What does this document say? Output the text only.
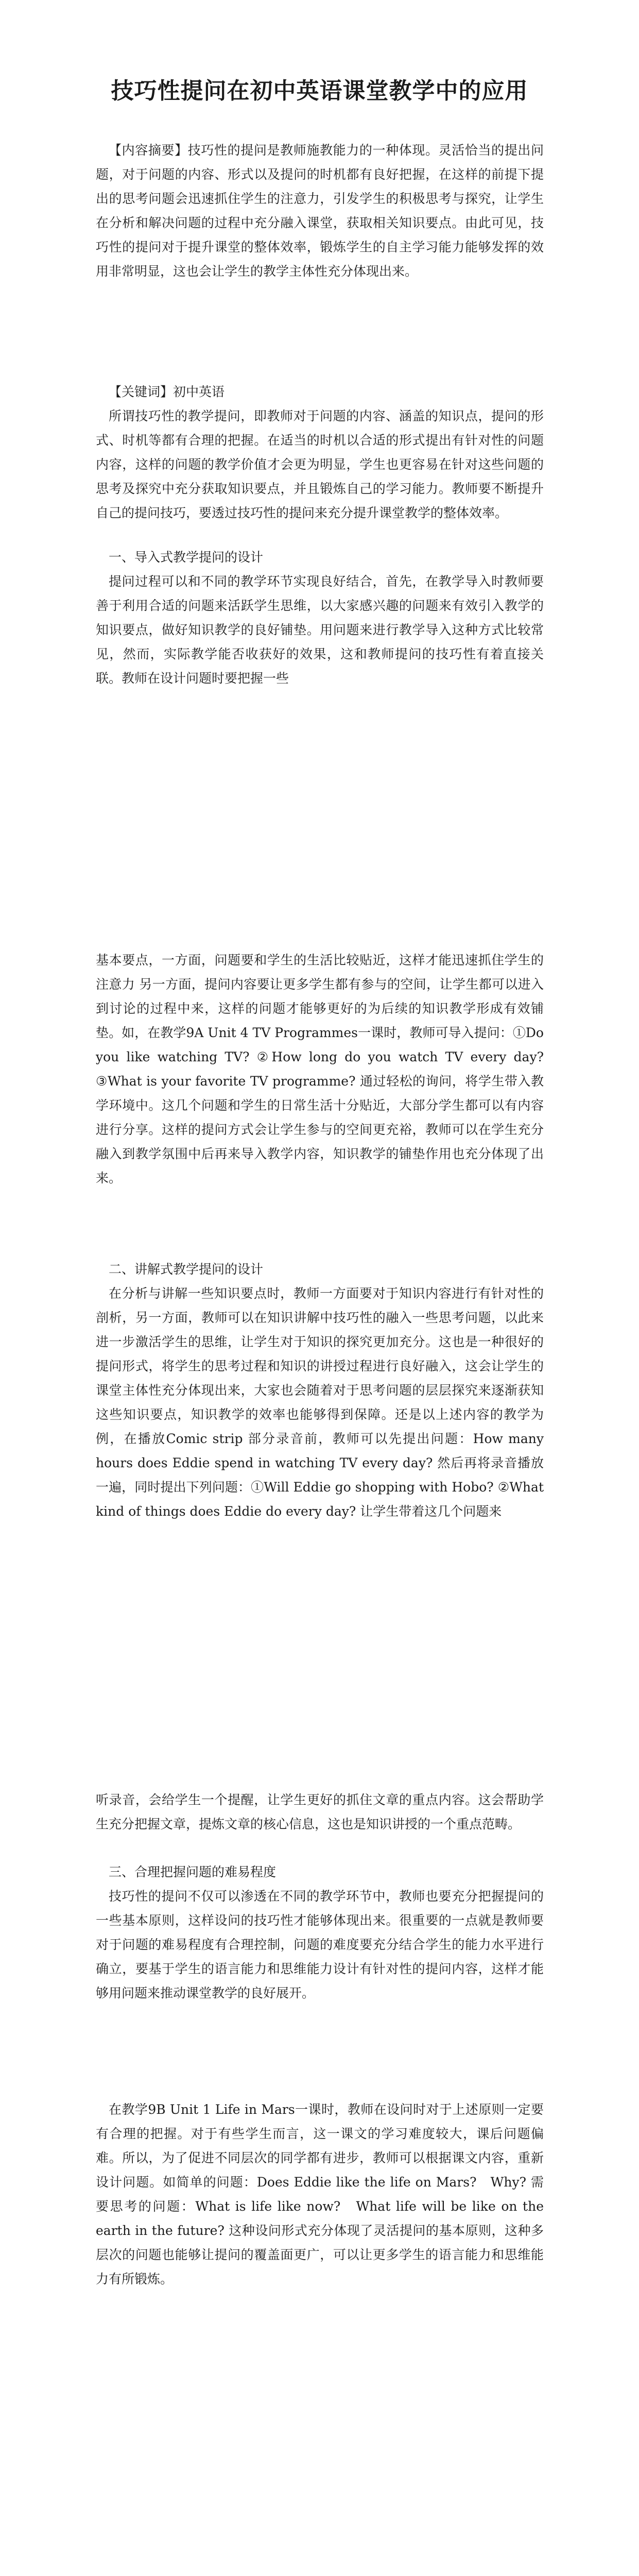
技巧性提问在初中英语课堂教学中的应用

【内容摘要】技巧性的提问是教师施教能力的一种体现。灵活恰当的提出问题，对于问题的内容、形式以及提问的时机都有良好把握，在这样的前提下提出的思考问题会迅速抓住学生的注意力，引发学生的积极思考与探究，让学生在分析和解决问题的过程中充分融入课堂，获取相关知识要点。由此可见，技巧性的提问对于提升课堂的整体效率，锻炼学生的自主学习能力能够发挥的效用非常明显，这也会让学生的教学主体性充分体现出来。

【关键词】初中英语

所谓技巧性的教学提问，即教师对于问题的内容、涵盖的知识点，提问的形式、时机等都有合理的把握。在适当的时机以合适的形式提出有针对性的问题内容，这样的问题的教学价值才会更为明显，学生也更容易在针对这些问题的思考及探究中充分获取知识要点，并且锻炼自己的学习能力。教师要不断提升自己的提问技巧，要透过技巧性的提问来充分提升课堂教学的整体效率。

一、导入式教学提问的设计

提问过程可以和不同的教学环节实现良好结合，首先，在教学导入时教师要善于利用合适的问题来活跃学生思维，以大家感兴趣的问题来有效引入教学的知识要点，做好知识教学的良好铺垫。用问题来进行教学导入这种方式比较常见，然而，实际教学能否收获好的效果，这和教师提问的技巧性有着直接关联。教师在设计问题时要把握一些

基本要点，一方面，问题要和学生的生活比较贴近，这样才能迅速抓住学生的注意力 另一方面，提问内容要让更多学生都有参与的空间，让学生都可以进入到讨论的过程中来，这样的问题才能够更好的为后续的知识教学形成有效铺垫。如，在教学9A Unit 4 TV Programmes一课时，教师可导入提问：①Do you like watching TV? ②How long do you watch TV every day? ③What is your favorite TV programme? 通过轻松的询问，将学生带入教学环境中。这几个问题和学生的日常生活十分贴近，大部分学生都可以有内容进行分享。这样的提问方式会让学生参与的空间更充裕，教师可以在学生充分融入到教学氛围中后再来导入教学内容，知识教学的铺垫作用也充分体现了出来。

二、讲解式教学提问的设计

在分析与讲解一些知识要点时，教师一方面要对于知识内容进行有针对性的剖析，另一方面，教师可以在知识讲解中技巧性的融入一些思考问题，以此来进一步激活学生的思维，让学生对于知识的探究更加充分。这也是一种很好的提问形式，将学生的思考过程和知识的讲授过程进行良好融入，这会让学生的课堂主体性充分体现出来，大家也会随着对于思考问题的层层探究来逐渐获知这些知识要点，知识教学的效率也能够得到保障。还是以上述内容的教学为例，在播放Comic strip 部分录音前，教师可以先提出问题：How many hours does Eddie spend in watching TV every day? 然后再将录音播放一遍，同时提出下列问题：①Will Eddie go shopping with Hobo? ②What kind of things does Eddie do every day? 让学生带着这几个问题来

听录音，会给学生一个提醒，让学生更好的抓住文章的重点内容。这会帮助学生充分把握文章，提炼文章的核心信息，这也是知识讲授的一个重点范畴。

三、合理把握问题的难易程度

技巧性的提问不仅可以渗透在不同的教学环节中，教师也要充分把握提问的一些基本原则，这样设问的技巧性才能够体现出来。很重要的一点就是教师要对于问题的难易程度有合理控制，问题的难度要充分结合学生的能力水平进行确立，要基于学生的语言能力和思维能力设计有针对性的提问内容，这样才能够用问题来推动课堂教学的良好展开。

在教学9B Unit 1 Life in Mars一课时，教师在设问时对于上述原则一定要有合理的把握。对于有些学生而言，这一课文的学习难度较大，课后问题偏难。所以，为了促进不同层次的同学都有进步，教师可以根据课文内容，重新设计问题。如简单的问题：Does Eddie like the life on Mars?　Why? 需要思考的问题：What is life like now?　What life will be like on the earth in the future? 这种设问形式充分体现了灵活提问的基本原则，这种多层次的问题也能够让提问的覆盖面更广，可以让更多学生的语言能力和思维能力有所锻炼。
